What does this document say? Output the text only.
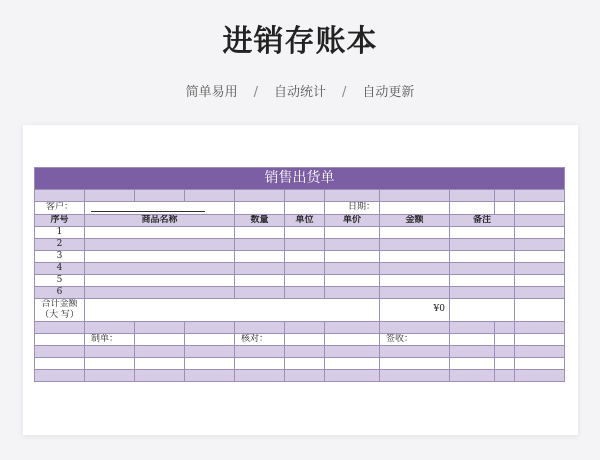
进销存账本
简单易用 / 自动统计 / 自动更新
销售出货单										

客户：						日期：				
序号	商品名称			数量	单位	单价	金额	备注		
1										
2										
3										
4										
5										
6										

合计金额
（大 写）							¥0			

	制单：			核对：			签收：			
